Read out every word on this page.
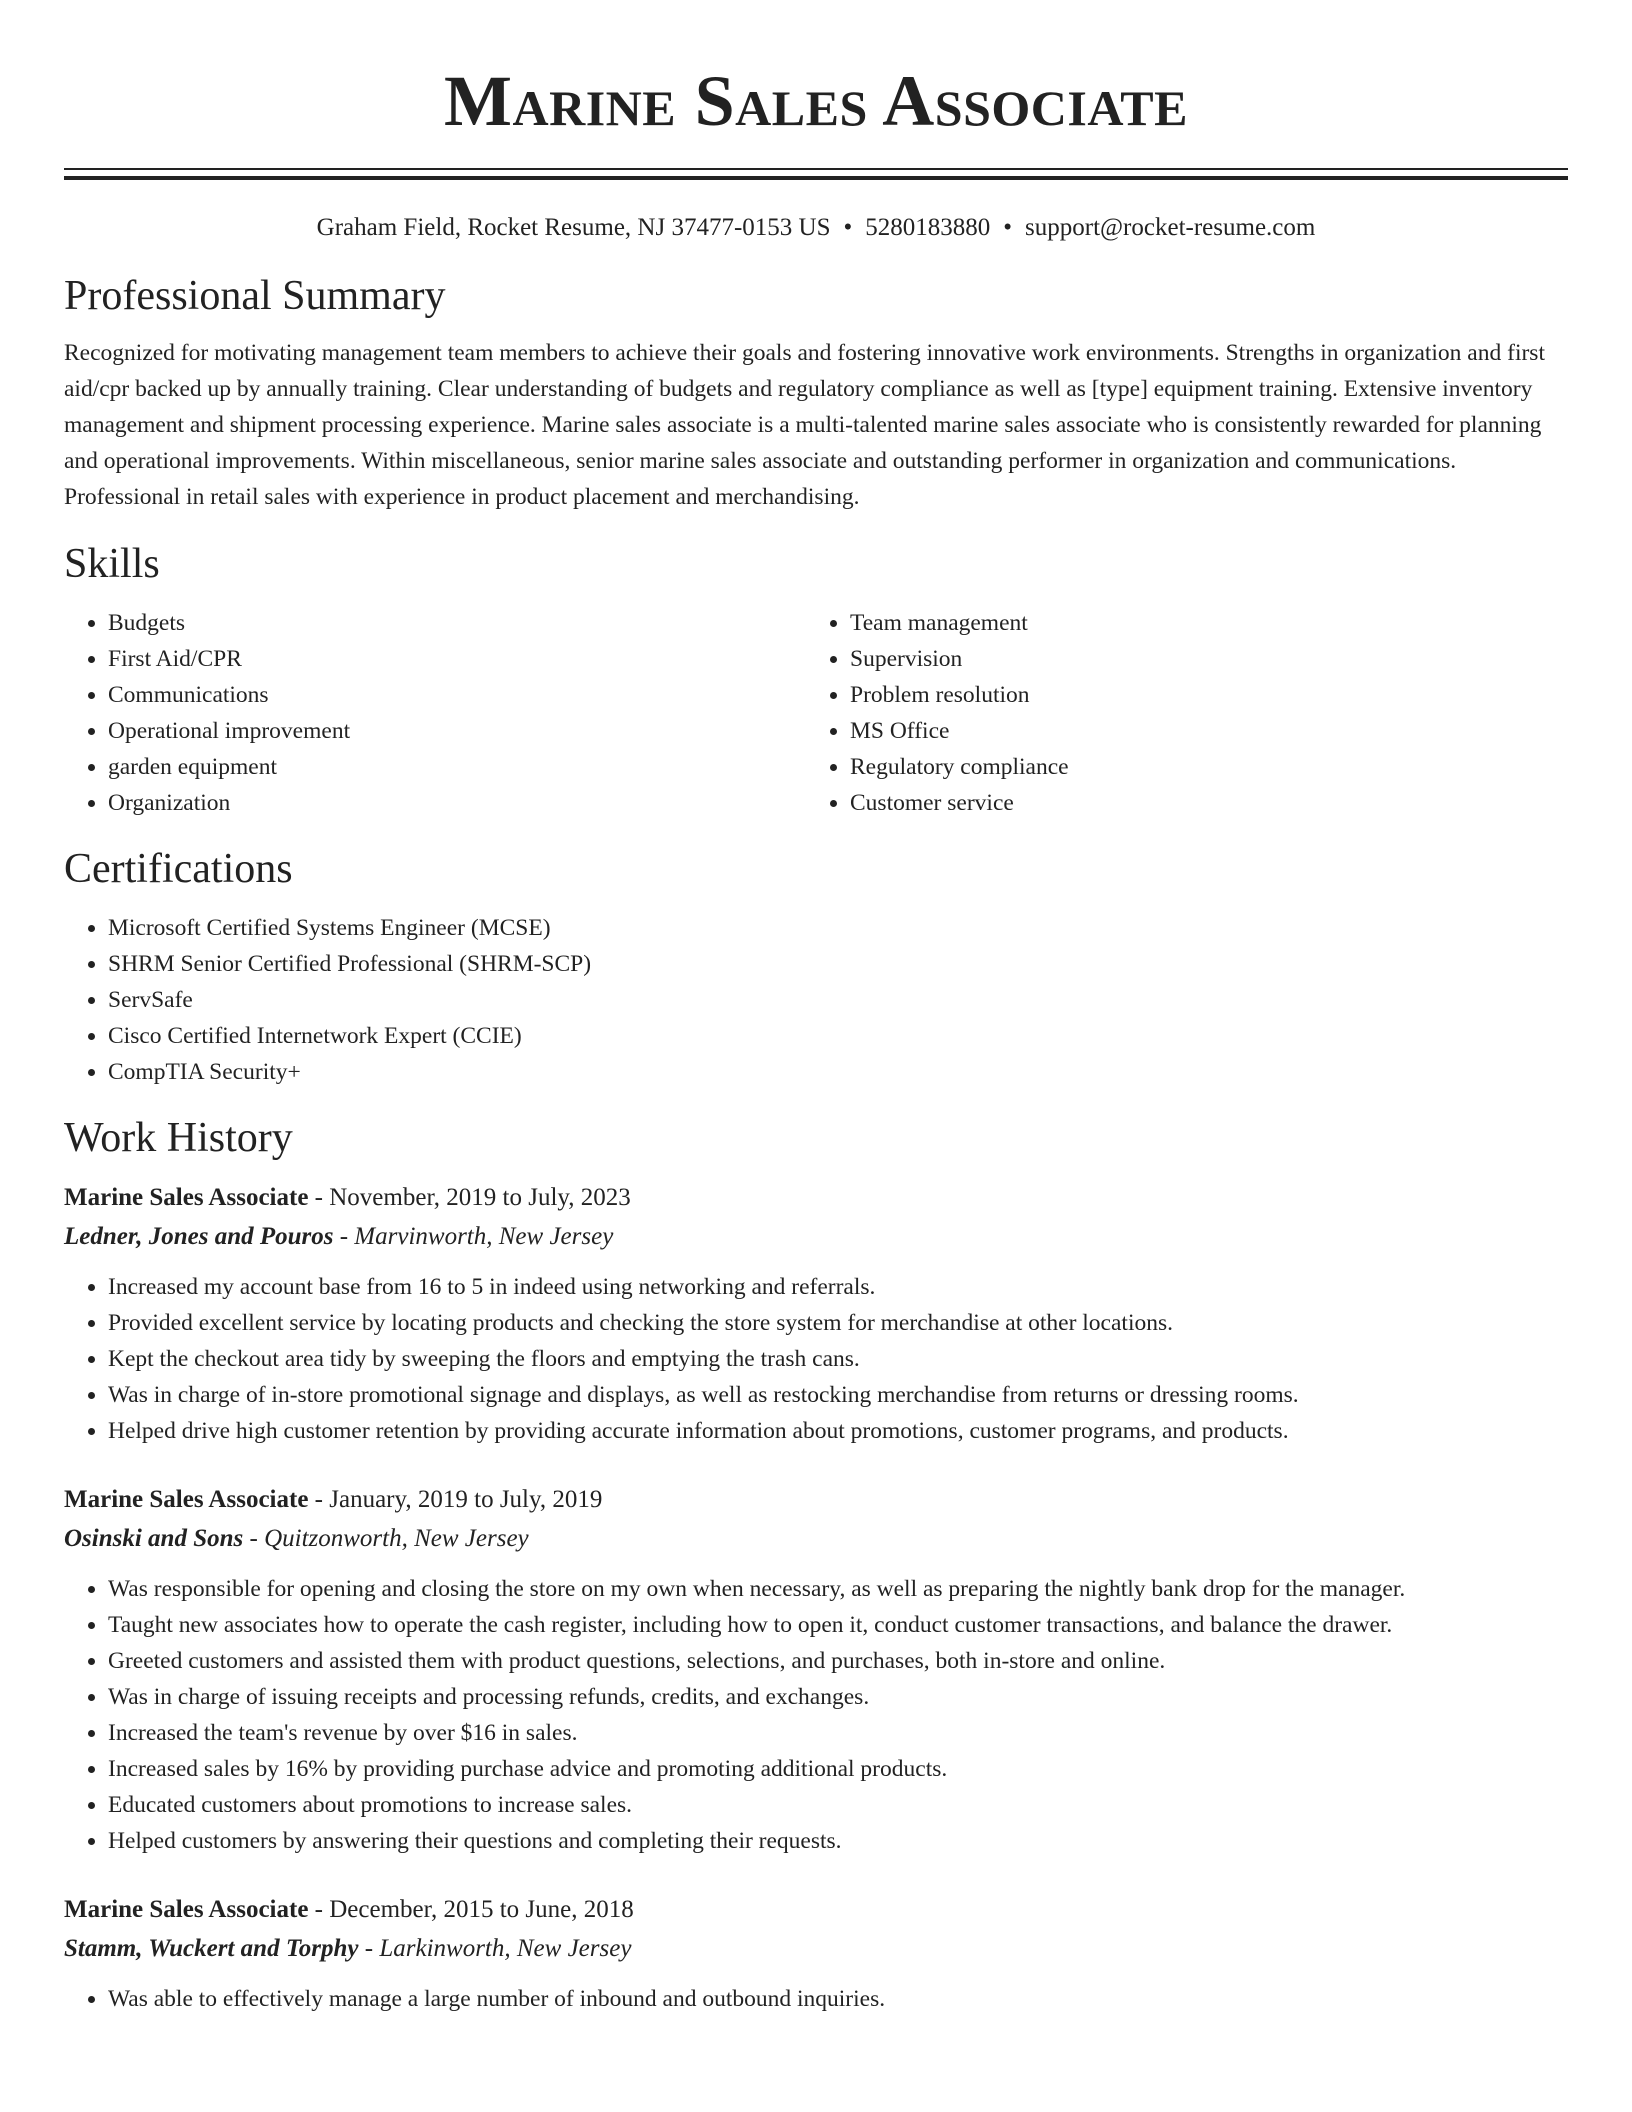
Marine Sales Associate
Graham Field, Rocket Resume, NJ 37477-0153 US • 5280183880 • support@rocket-resume.com
Professional Summary

Recognized for motivating management team members to achieve their goals and fostering innovative work environments. Strengths in organization and first aid/cpr backed up by annually training. Clear understanding of budgets and regulatory compliance as well as [type] equipment training. Extensive inventory management and shipment processing experience. Marine sales associate is a multi-talented marine sales associate who is consistently rewarded for planning and operational improvements. Within miscellaneous, senior marine sales associate and outstanding performer in organization and communications. Professional in retail sales with experience in product placement and merchandising.

Skills
• Budgets
• First Aid/CPR
• Communications
• Operational improvement
• garden equipment
• Organization
• Team management
• Supervision
• Problem resolution
• MS Office
• Regulatory compliance
• Customer service
Certifications
• Microsoft Certified Systems Engineer (MCSE)
• SHRM Senior Certified Professional (SHRM-SCP)
• ServSafe
• Cisco Certified Internetwork Expert (CCIE)
• CompTIA Security+
Work History
Marine Sales Associate - November, 2019 to July, 2023
Ledner, Jones and Pouros - Marvinworth, New Jersey
• Increased my account base from 16 to 5 in indeed using networking and referrals.
• Provided excellent service by locating products and checking the store system for merchandise at other locations.
• Kept the checkout area tidy by sweeping the floors and emptying the trash cans.
• Was in charge of in-store promotional signage and displays, as well as restocking merchandise from returns or dressing rooms.
• Helped drive high customer retention by providing accurate information about promotions, customer programs, and products.
Marine Sales Associate - January, 2019 to July, 2019
Osinski and Sons - Quitzonworth, New Jersey
• Was responsible for opening and closing the store on my own when necessary, as well as preparing the nightly bank drop for the manager.
• Taught new associates how to operate the cash register, including how to open it, conduct customer transactions, and balance the drawer.
• Greeted customers and assisted them with product questions, selections, and purchases, both in-store and online.
• Was in charge of issuing receipts and processing refunds, credits, and exchanges.
• Increased the team's revenue by over $16 in sales.
• Increased sales by 16% by providing purchase advice and promoting additional products.
• Educated customers about promotions to increase sales.
• Helped customers by answering their questions and completing their requests.
Marine Sales Associate - December, 2015 to June, 2018
Stamm, Wuckert and Torphy - Larkinworth, New Jersey
• Was able to effectively manage a large number of inbound and outbound inquiries.
